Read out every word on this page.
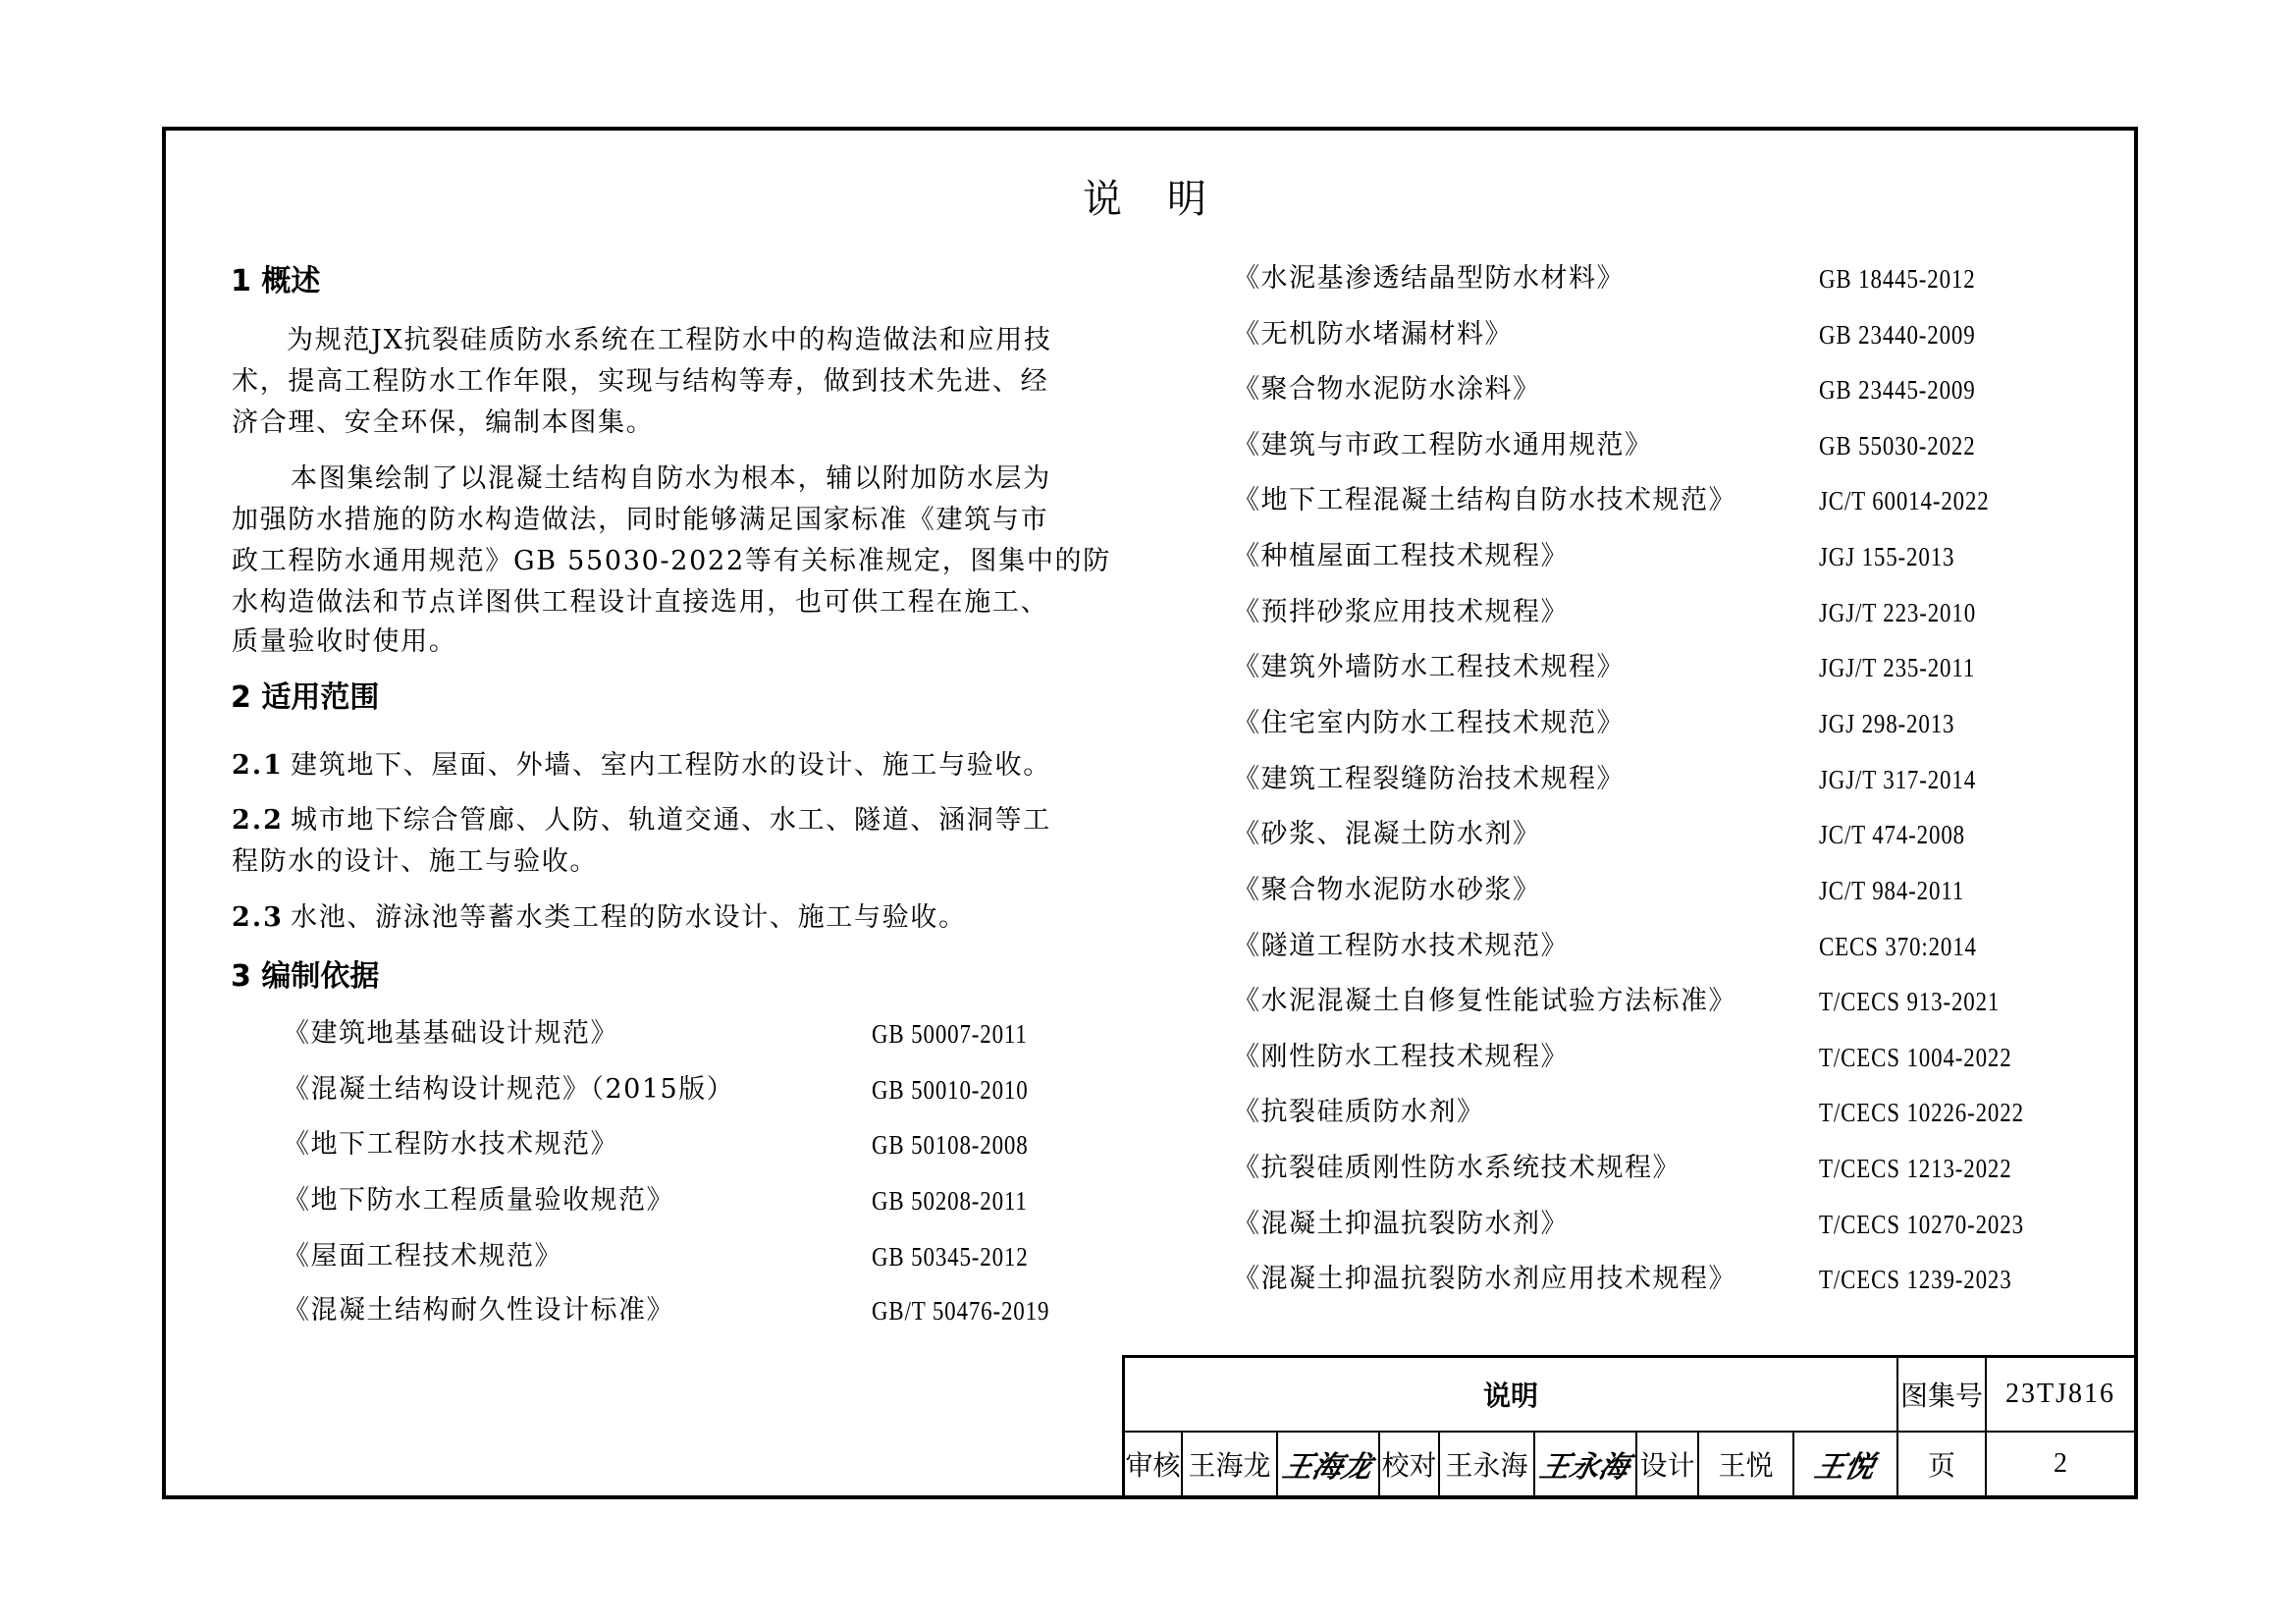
说明
1 概述
为规范JX抗裂硅质防水系统在工程防水中的构造做法和应用技
术，提高工程防水工作年限，实现与结构等寿，做到技术先进、经
济合理、安全环保，编制本图集。
本图集绘制了以混凝土结构自防水为根本，辅以附加防水层为
加强防水措施的防水构造做法，同时能够满足国家标准《建筑与市
政工程防水通用规范》GB 55030-2022等有关标准规定，图集中的防
水构造做法和节点详图供工程设计直接选用，也可供工程在施工、
质量验收时使用。
2 适用范围
2.1 建筑地下、屋面、外墙、室内工程防水的设计、施工与验收。
2.2 城市地下综合管廊、人防、轨道交通、水工、隧道、涵洞等工
程防水的设计、施工与验收。
2.3 水池、游泳池等蓄水类工程的防水设计、施工与验收。
3 编制依据
《建筑地基基础设计规范》	GB 50007-2011
《混凝土结构设计规范》（2015版）	GB 50010-2010
《地下工程防水技术规范》	GB 50108-2008
《地下防水工程质量验收规范》	GB 50208-2011
《屋面工程技术规范》	GB 50345-2012
《混凝土结构耐久性设计标准》	GB/T 50476-2019
《水泥基渗透结晶型防水材料》	GB 18445-2012
《无机防水堵漏材料》	GB 23440-2009
《聚合物水泥防水涂料》	GB 23445-2009
《建筑与市政工程防水通用规范》	GB 55030-2022
《地下工程混凝土结构自防水技术规范》	JC/T 60014-2022
《种植屋面工程技术规程》	JGJ 155-2013
《预拌砂浆应用技术规程》	JGJ/T 223-2010
《建筑外墙防水工程技术规程》	JGJ/T 235-2011
《住宅室内防水工程技术规范》	JGJ 298-2013
《建筑工程裂缝防治技术规程》	JGJ/T 317-2014
《砂浆、混凝土防水剂》	JC/T 474-2008
《聚合物水泥防水砂浆》	JC/T 984-2011
《隧道工程防水技术规范》	CECS 370:2014
《水泥混凝土自修复性能试验方法标准》	T/CECS 913-2021
《刚性防水工程技术规程》	T/CECS 1004-2022
《抗裂硅质防水剂》	T/CECS 10226-2022
《抗裂硅质刚性防水系统技术规程》	T/CECS 1213-2022
《混凝土抑温抗裂防水剂》	T/CECS 10270-2023
《混凝土抑温抗裂防水剂应用技术规程》	T/CECS 1239-2023
说明	图集号 23TJ816
审核 王海龙 王海龙 校对 王永海 王永海 设计 王悦	王悦	页	2
